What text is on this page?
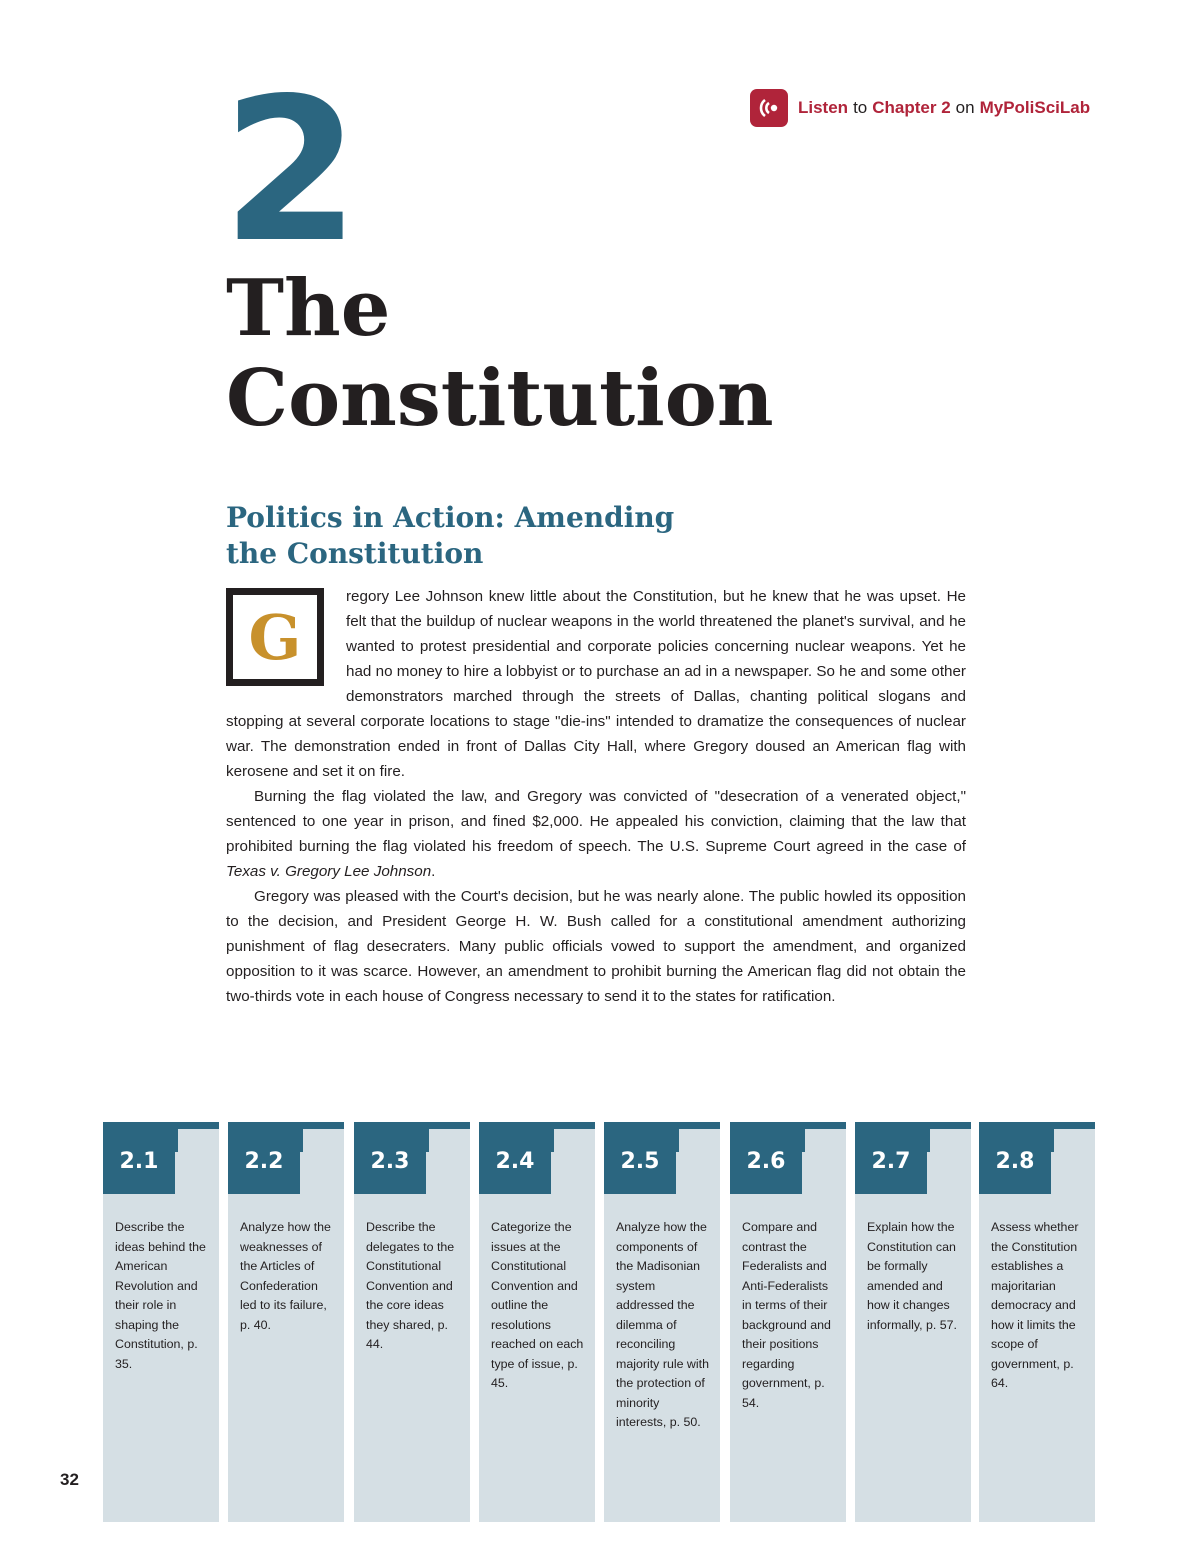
Listen to Chapter 2 on MyPoliSciLab
2
The
Constitution
Politics in Action: Amending
the Constitution

G
regory Lee Johnson knew little about the Constitution, but he knew that he was upset. He felt that the buildup of nuclear weapons in the world threatened the planet's survival, and he wanted to protest presidential and corporate policies concerning nuclear weapons. Yet he had no money to hire a lobbyist or to purchase an ad in a newspaper. So he and some other demonstrators marched through the streets of Dallas, chanting political slogans and stopping at several corporate locations to stage "die-ins" intended to dramatize the consequences of nuclear war. The demonstration ended in front of Dallas City Hall, where Gregory doused an American flag with kerosene and set it on fire.

Burning the flag violated the law, and Gregory was convicted of "desecration of a venerated object," sentenced to one year in prison, and fined $2,000. He appealed his conviction, claiming that the law that prohibited burning the flag violated his freedom of speech. The U.S. Supreme Court agreed in the case of Texas v. Gregory Lee Johnson.

Gregory was pleased with the Court's decision, but he was nearly alone. The public howled its opposition to the decision, and President George H. W. Bush called for a constitutional amendment authorizing punishment of flag desecraters. Many public officials vowed to support the amendment, and organized opposition to it was scarce. However, an amendment to prohibit burning the American flag did not obtain the two-thirds vote in each house of Congress necessary to send it to the states for ratification.

2.1
Describe the ideas behind the American Revolution and their role in shaping the Constitution, p. 35.
2.2
Analyze how the weaknesses of the Articles of Confederation led to its failure, p. 40.
2.3
Describe the delegates to the Constitutional Convention and the core ideas they shared, p. 44.
2.4
Categorize the issues at the Constitutional Convention and outline the resolutions reached on each type of issue, p. 45.
2.5
Analyze how the components of the Madisonian system addressed the dilemma of reconciling majority rule with the protection of minority interests, p. 50.
2.6
Compare and contrast the Federalists and Anti-Federalists in terms of their background and their positions regarding government, p. 54.
2.7
Explain how the Constitution can be formally amended and how it changes informally, p. 57.
2.8
Assess whether the Constitution establishes a majoritarian democracy and how it limits the scope of government, p. 64.
32
